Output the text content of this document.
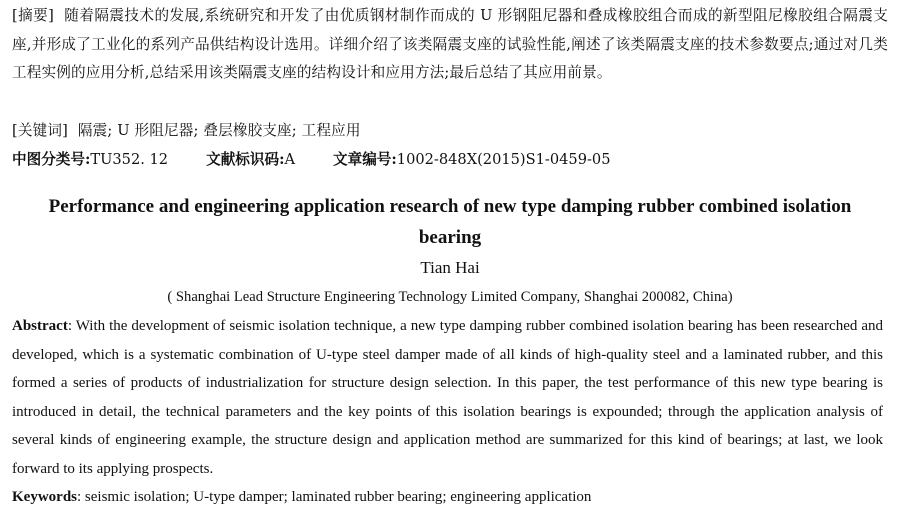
[摘要] 随着隔震技术的发展,系统研究和开发了由优质钢材制作而成的 U 形钢阻尼器和叠成橡胶组合而成的新型阻尼橡胶组合隔震支座,并形成了工业化的系列产品供结构设计选用。详细介绍了该类隔震支座的试验性能,阐述了该类隔震支座的技术参数要点;通过对几类工程实例的应用分析,总结采用该类隔震支座的结构设计和应用方法;最后总结了其应用前景。
[关键词] 隔震; U 形阻尼器; 叠层橡胶支座; 工程应用
中图分类号:TU352. 12	文献标识码:A	文章编号:1002-848X(2015)S1-0459-05
Performance and engineering application research of new type damping rubber combined isolation bearing
Tian Hai
( Shanghai Lead Structure Engineering Technology Limited Company, Shanghai 200082, China)
Abstract: With the development of seismic isolation technique, a new type damping rubber combined isolation bearing has been researched and developed, which is a systematic combination of U-type steel damper made of all kinds of high-quality steel and a laminated rubber, and this formed a series of products of industrialization for structure design selection. In this paper, the test performance of this new type bearing is introduced in detail, the technical parameters and the key points of this isolation bearings is expounded; through the application analysis of several kinds of engineering example, the structure design and application method are summarized for this kind of bearings; at last, we look forward to its applying prospects.
Keywords: seismic isolation; U-type damper; laminated rubber bearing; engineering application
